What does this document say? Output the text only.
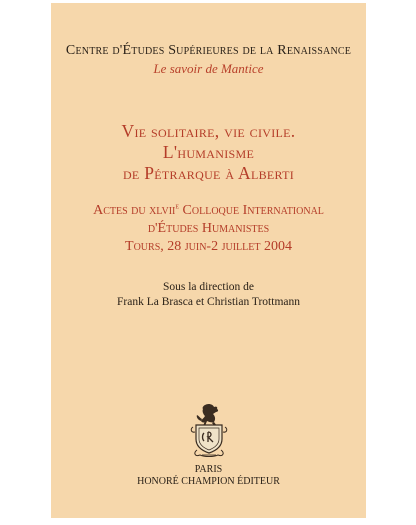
Centre d'Études Supérieures de la Renaissance
Le savoir de Mantice
Vie solitaire, vie civile.
L'humanisme
de Pétrarque à Alberti
Actes du xlvii$^e$ Colloque International
d'Études Humanistes
Tours, 28 juin-2 juillet 2004
Sous la direction de
Frank La Brasca et Christian Trottmann
PARIS
HONORÉ CHAMPION ÉDITEUR
